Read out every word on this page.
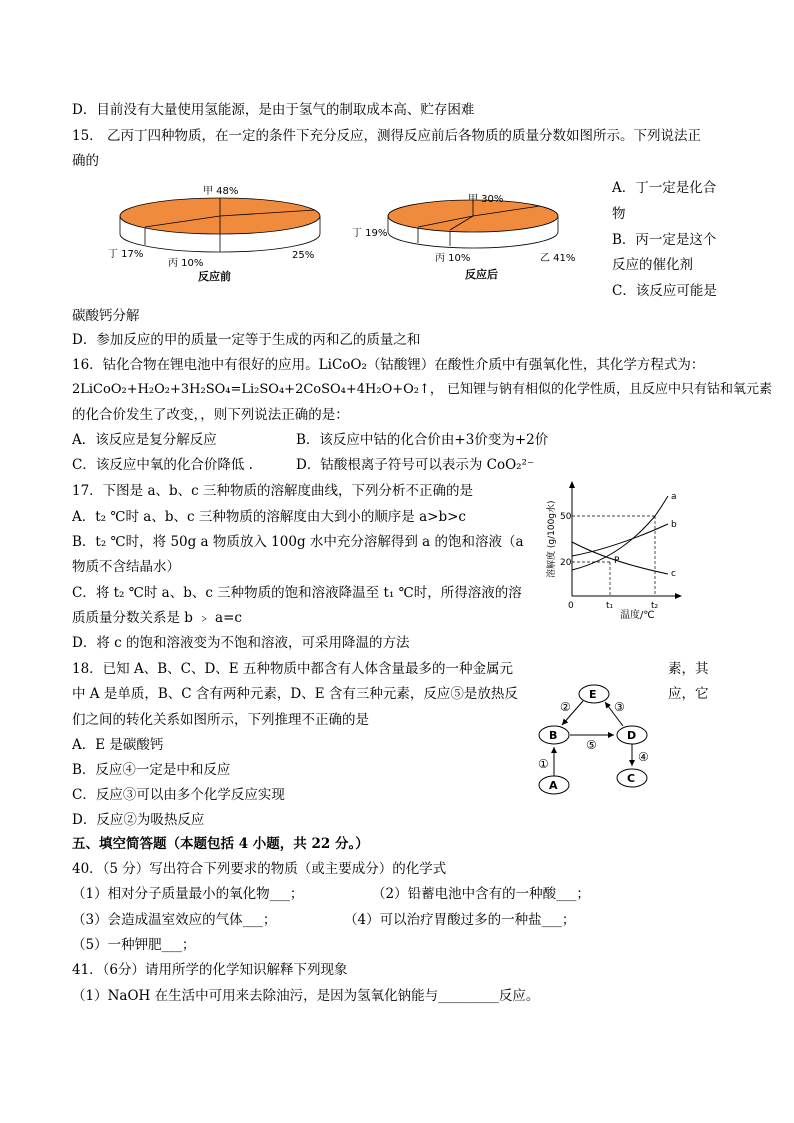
D．目前没有大量使用氢能源，是由于氢气的制取成本高、贮存困难
15． 乙丙丁四种物质，在一定的条件下充分反应，测得反应前后各物质的质量分数如图所示。下列说法正
确的
甲 48%
丁 17%
丙 10%
25%
反应前
甲 30%
丁 19%
丙 10%	乙 41%
反应后
A．丁一定是化合
物
B．丙一定是这个
反应的催化剂
C．该反应可能是
碳酸钙分解
D．参加反应的甲的质量一定等于生成的丙和乙的质量之和
16．钴化合物在锂电池中有很好的应用。LiCoO₂（钴酸锂）在酸性介质中有强氧化性，其化学方程式为：
2LiCoO₂+H₂O₂+3H₂SO₄=Li₂SO₄+2CoSO₄+4H₂O+O₂↑， 已知锂与钠有相似的化学性质，且反应中只有钴和氧元素
的化合价发生了改变，，则下列说法正确的是：
A．该反应是复分解反应	B．该反应中钴的化合价由+3价变为+2价
C．该反应中氧的化合价降低 .	D．钴酸根离子符号可以表示为 CoO₂²⁻
17．下图是 a、b、c 三种物质的溶解度曲线，下列分析不正确的是
A．t₂ ℃时 a、b、c 三种物质的溶解度由大到小的顺序是 a>b>c
B．t₂ ℃时，将 50g a 物质放入 100g 水中充分溶解得到 a 的饱和溶液（a
物质不含结晶水）
C．将 t₂ ℃时 a、b、c 三种物质的饱和溶液降温至 t₁ ℃时，所得溶液的溶
质质量分数关系是 b ﹥ a=c
D．将 c 的饱和溶液变为不饱和溶液，可采用降温的方法
a
b
c
P
50
20
0	t₁	t₂
温度/℃
溶解度 (g/100g水)
18．已知 A、B、C、D、E 五种物质中都含有人体含量最多的一种金属元	素，其
中 A 是单质，B、C 含有两种元素，D、E 含有三种元素，反应⑤是放热反	应，它
们之间的转化关系如图所示，下列推理不正确的是
A．E 是碳酸钙
B．反应④一定是中和反应
C．反应③可以由多个化学反应实现
D．反应②为吸热反应
E
B	D
A
C
②	③
⑤
④
①
五、填空简答题（本题包括 4 小题，共 22 分。）
40．（5 分）写出符合下列要求的物质（或主要成分）的化学式
（1）相对分子质量最小的氧化物___；	（2）铅蓄电池中含有的一种酸___；
（3）会造成温室效应的气体___；	（4）可以治疗胃酸过多的一种盐___；
（5）一种钾肥___；
41．（6分）请用所学的化学知识解释下列现象
（1）NaOH 在生活中可用来去除油污，是因为氢氧化钠能与_________反应。
